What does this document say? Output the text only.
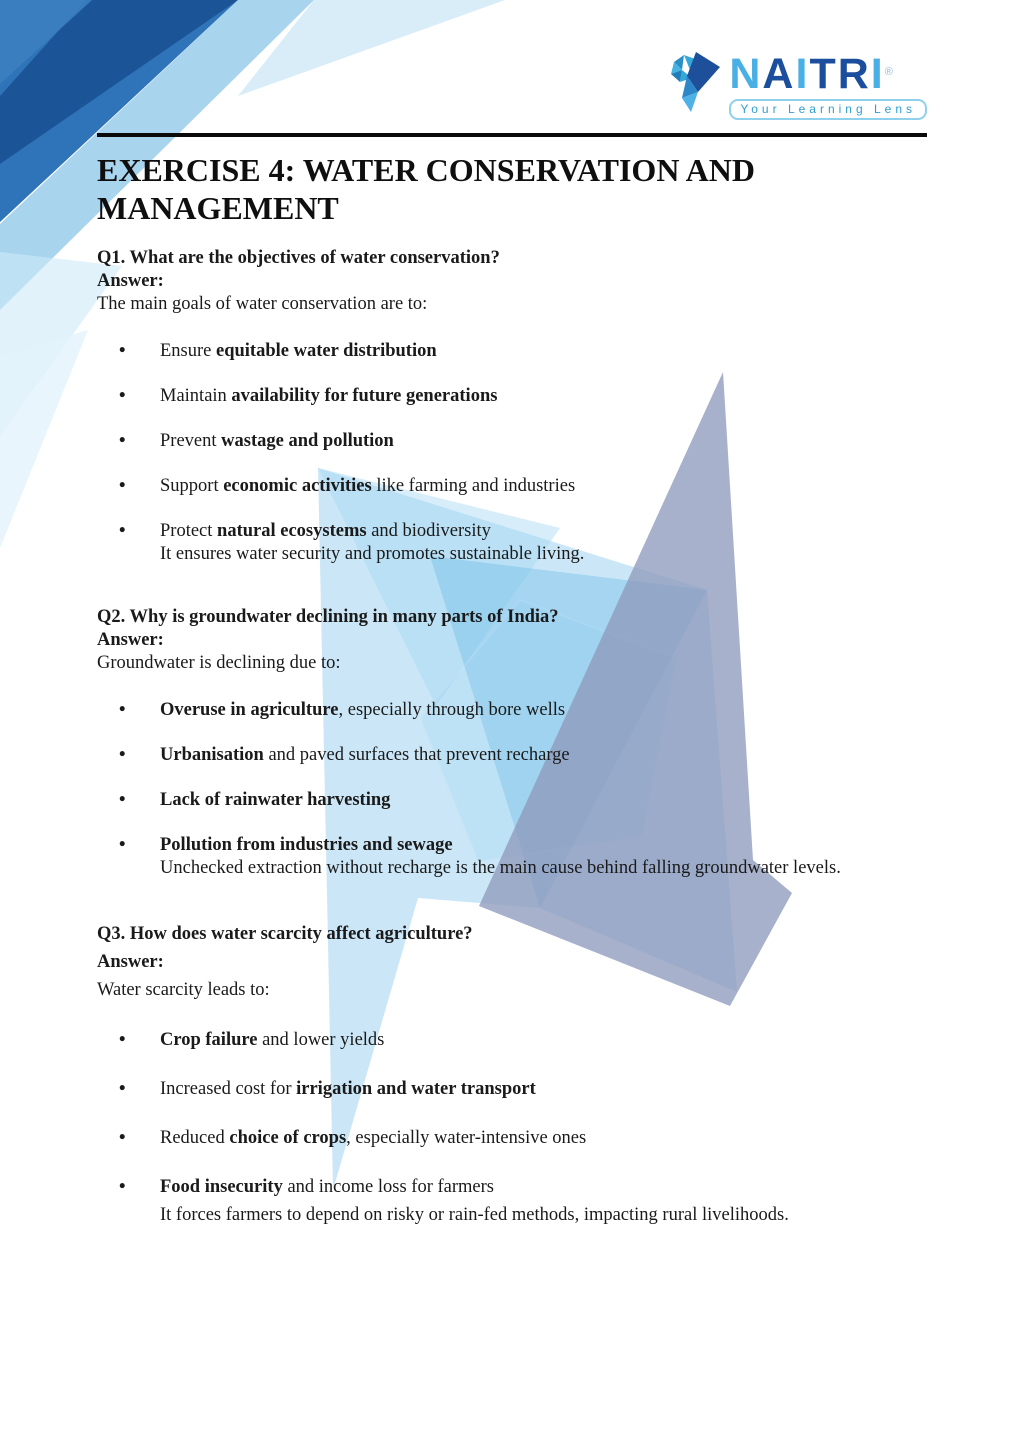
NAITRI®
Your Learning Lens
EXERCISE 4: WATER CONSERVATION AND
MANAGEMENT
Q1. What are the objectives of water conservation?
Answer:
The main goals of water conservation are to:
•	Ensure equitable water distribution
•	Maintain availability for future generations
•	Prevent wastage and pollution
•	Support economic activities like farming and industries
•	Protect natural ecosystems and biodiversity
It ensures water security and promotes sustainable living.
Q2. Why is groundwater declining in many parts of India?
Answer:
Groundwater is declining due to:
•	Overuse in agriculture, especially through bore wells
•	Urbanisation and paved surfaces that prevent recharge
•	Lack of rainwater harvesting
•	Pollution from industries and sewage
Unchecked extraction without recharge is the main cause behind falling groundwater levels.
Q3. How does water scarcity affect agriculture?
Answer:
Water scarcity leads to:
•	Crop failure and lower yields
•	Increased cost for irrigation and water transport
•	Reduced choice of crops, especially water-intensive ones
•	Food insecurity and income loss for farmers
It forces farmers to depend on risky or rain-fed methods, impacting rural livelihoods.
